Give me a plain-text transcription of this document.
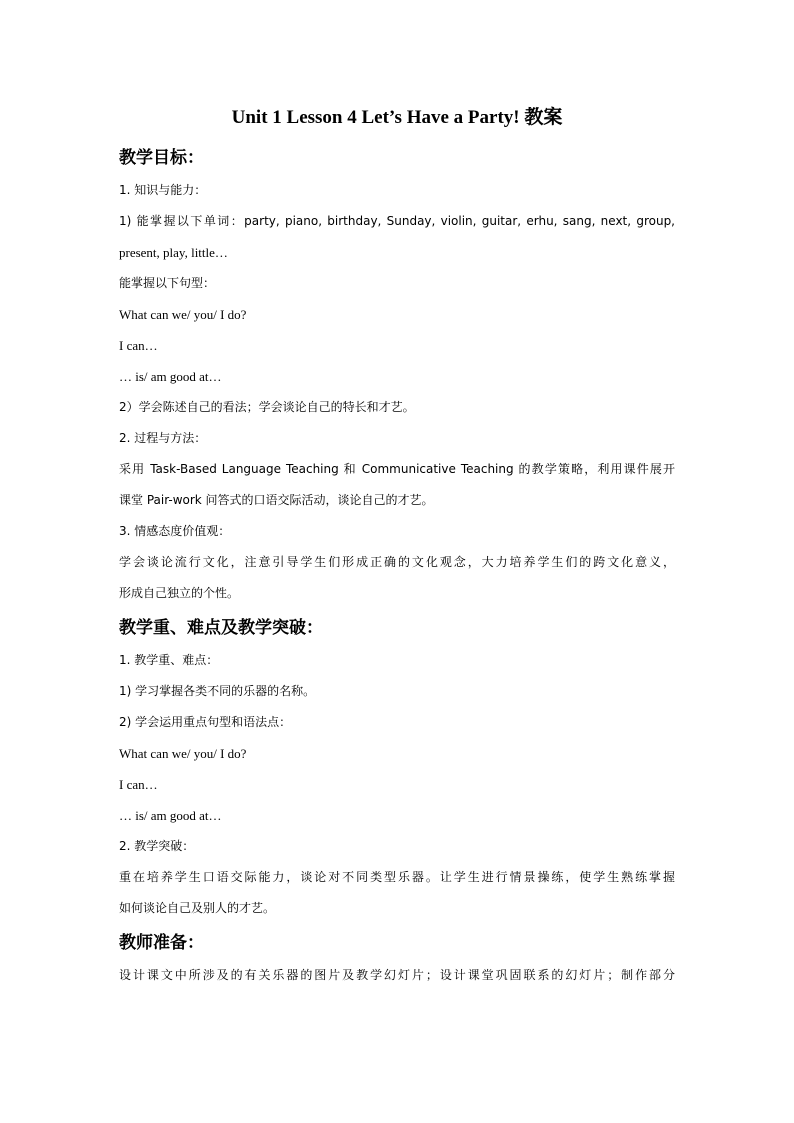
Unit 1 Lesson 4 Let’s Have a Party! 教案
教学目标：
1. 知识与能力：
1) 能掌握以下单词：party, piano, birthday, Sunday, violin, guitar, erhu, sang, next, group,
present, play, little…
能掌握以下句型：
What can we/ you/ I do?
I can…
… is/ am good at…
2）学会陈述自己的看法；学会谈论自己的特长和才艺。
2. 过程与方法：
采用 Task-Based Language Teaching 和 Communicative Teaching 的教学策略，利用课件展开
课堂 Pair-work 问答式的口语交际活动，谈论自己的才艺。
3. 情感态度价值观：
学会谈论流行文化，注意引导学生们形成正确的文化观念，大力培养学生们的跨文化意义，
形成自己独立的个性。
教学重、难点及教学突破：
1. 教学重、难点：
1) 学习掌握各类不同的乐器的名称。
2) 学会运用重点句型和语法点：
What can we/ you/ I do?
I can…
… is/ am good at…
2. 教学突破：
重在培养学生口语交际能力，谈论对不同类型乐器。让学生进行情景操练，使学生熟练掌握
如何谈论自己及别人的才艺。
教师准备：
设计课文中所涉及的有关乐器的图片及教学幻灯片；设计课堂巩固联系的幻灯片；制作部分
